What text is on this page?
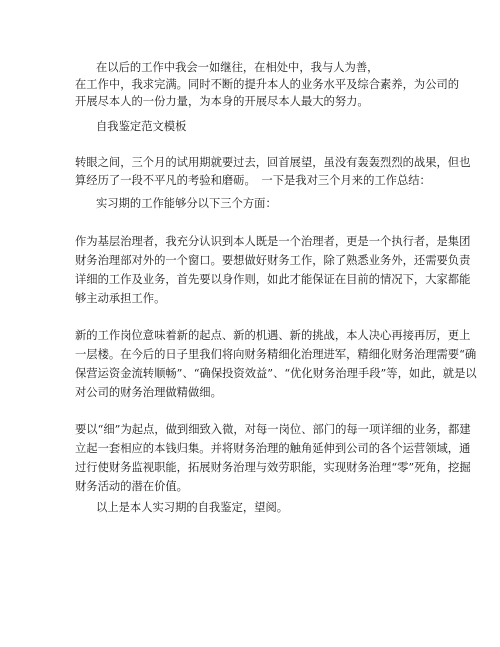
在以后的工作中我会一如继往，在相处中，我与人为善，
在工作中，我求完满。同时不断的提升本人的业务水平及综合素养，为公司的
开展尽本人的一份力量，为本身的开展尽本人最大的努力。
自我鉴定范文模板
转眼之间，三个月的试用期就要过去，回首展望，虽没有轰轰烈烈的战果，但也
算经历了一段不平凡的考验和磨砺。　一下是我对三个月来的工作总结：
实习期的工作能够分以下三个方面：
作为基层治理者，我充分认识到本人既是一个治理者，更是一个执行者，是集团
财务治理部对外的一个窗口。要想做好财务工作，除了熟悉业务外，还需要负责
详细的工作及业务，首先要以身作则，如此才能保证在目前的情况下，大家都能
够主动承担工作。
新的工作岗位意味着新的起点、新的机遇、新的挑战，本人决心再接再厉，更上
一层楼。在今后的日子里我们将向财务精细化治理进军，精细化财务治理需要“确
保营运资金流转顺畅”、“确保投资效益”、“优化财务治理手段”等，如此，就是以
对公司的财务治理做精做细。
要以“细”为起点，做到细致入微，对每一岗位、部门的每一项详细的业务，都建
立起一套相应的本钱归集。并将财务治理的触角延伸到公司的各个运营领域，通
过行使财务监视职能，拓展财务治理与效劳职能，实现财务治理“零”死角，挖掘
财务活动的潜在价值。
以上是本人实习期的自我鉴定，望阅。
